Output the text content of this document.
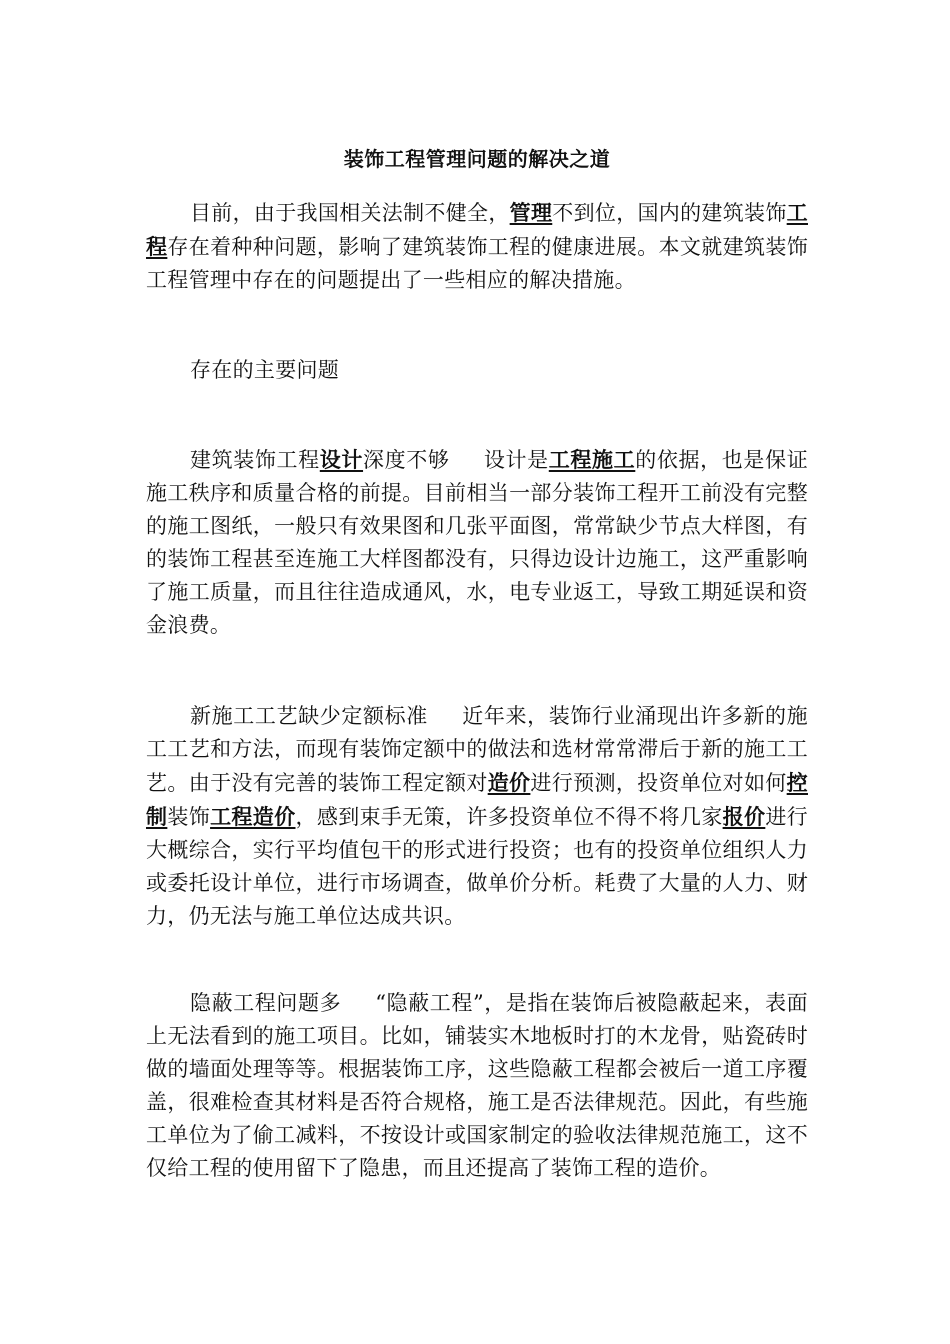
装饰工程管理问题的解决之道

目前，由于我国相关法制不健全，管理不到位，国内的建筑装饰工程存在着种种问题，影响了建筑装饰工程的健康进展。本文就建筑装饰工程管理中存在的问题提出了一些相应的解决措施。

存在的主要问题

建筑装饰工程设计深度不够 设计是工程施工的依据，也是保证施工秩序和质量合格的前提。目前相当一部分装饰工程开工前没有完整的施工图纸，一般只有效果图和几张平面图，常常缺少节点大样图，有的装饰工程甚至连施工大样图都没有，只得边设计边施工，这严重影响了施工质量，而且往往造成通风，水，电专业返工，导致工期延误和资金浪费。

新施工工艺缺少定额标准 近年来，装饰行业涌现出许多新的施工工艺和方法，而现有装饰定额中的做法和选材常常滞后于新的施工工艺。由于没有完善的装饰工程定额对造价进行预测，投资单位对如何控制装饰工程造价，感到束手无策，许多投资单位不得不将几家报价进行大概综合，实行平均值包干的形式进行投资；也有的投资单位组织人力或委托设计单位，进行市场调查，做单价分析。耗费了大量的人力、财力，仍无法与施工单位达成共识。

隐蔽工程问题多 “隐蔽工程”，是指在装饰后被隐蔽起来，表面上无法看到的施工项目。比如，铺装实木地板时打的木龙骨，贴瓷砖时做的墙面处理等等。根据装饰工序，这些隐蔽工程都会被后一道工序覆盖，很难检查其材料是否符合规格，施工是否法律规范。因此，有些施工单位为了偷工减料，不按设计或国家制定的验收法律规范施工，这不仅给工程的使用留下了隐患，而且还提高了装饰工程的造价。
